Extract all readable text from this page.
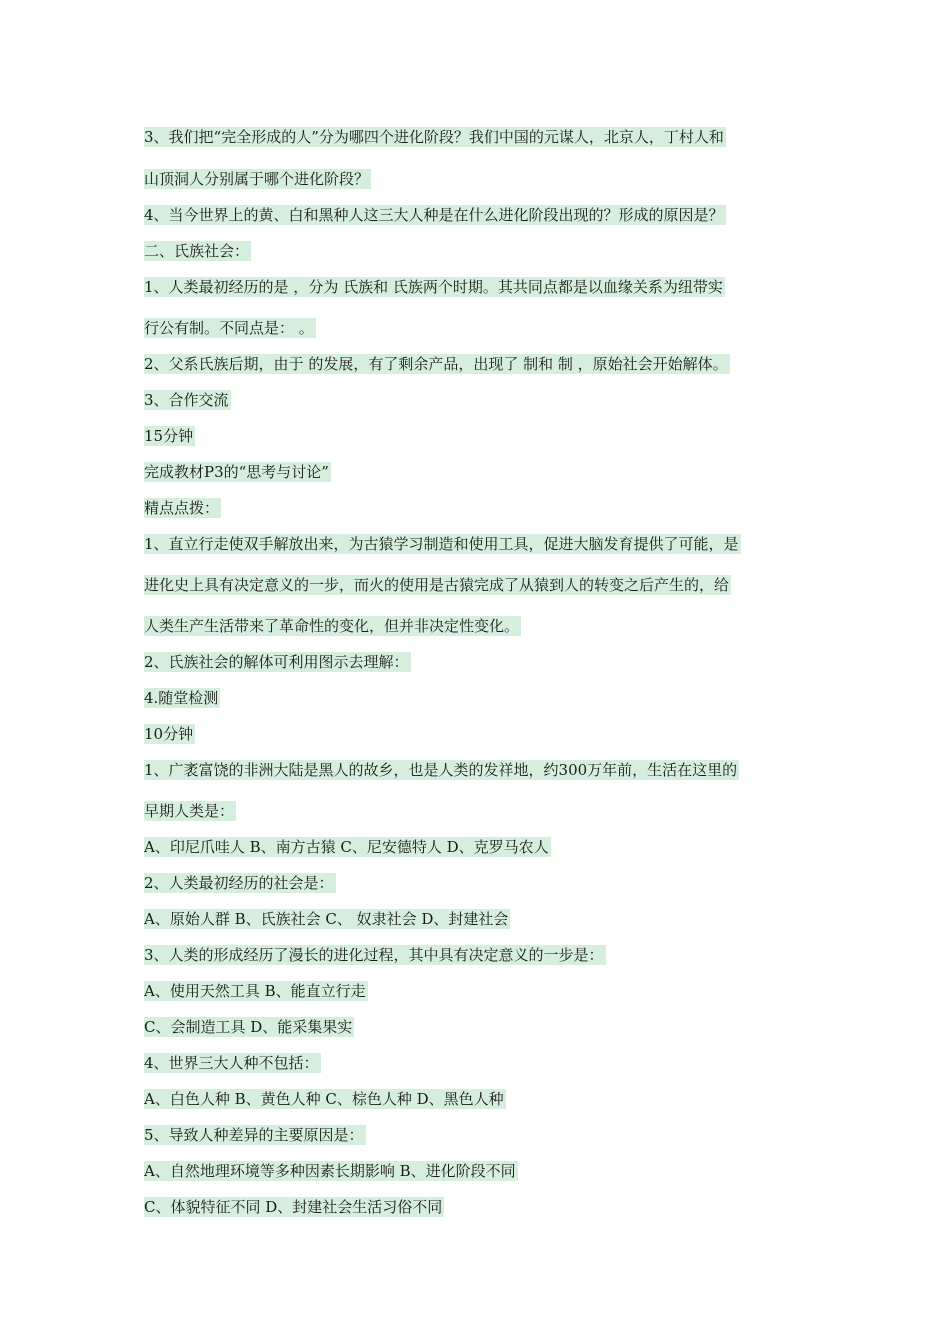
3、我们把“完全形成的人”分为哪四个进化阶段？我们中国的元谋人，北京人，丁村人和
山顶洞人分别属于哪个进化阶段？
4、当今世界上的黄、白和黑种人这三大人种是在什么进化阶段出现的？形成的原因是？
二、氏族社会：
1、人类最初经历的是 ，分为 氏族和 氏族两个时期。其共同点都是以血缘关系为纽带实
行公有制。不同点是： 。
2、父系氏族后期，由于 的发展，有了剩余产品，出现了 制和 制 ，原始社会开始解体。
3、合作交流
15分钟
完成教材P3的“思考与讨论”
精点点拨：
1、直立行走使双手解放出来，为古猿学习制造和使用工具，促进大脑发育提供了可能，是
进化史上具有决定意义的一步，而火的使用是古猿完成了从猿到人的转变之后产生的，给
人类生产生活带来了革命性的变化，但并非决定性变化。
2、氏族社会的解体可利用图示去理解：
4.随堂检测
10分钟
1、广袤富饶的非洲大陆是黑人的故乡，也是人类的发祥地，约300万年前，生活在这里的
早期人类是：
A、印尼爪哇人 B、南方古猿 C、尼安德特人 D、克罗马农人
2、人类最初经历的社会是：
A、原始人群 B、氏族社会 C、 奴隶社会 D、封建社会
3、人类的形成经历了漫长的进化过程，其中具有决定意义的一步是：
A、使用天然工具 B、能直立行走
C、会制造工具 D、能采集果实
4、世界三大人种不包括：
A、白色人种 B、黄色人种 C、棕色人种 D、黑色人种
5、导致人种差异的主要原因是：
A、自然地理环境等多种因素长期影响 B、进化阶段不同
C、体貌特征不同 D、封建社会生活习俗不同
